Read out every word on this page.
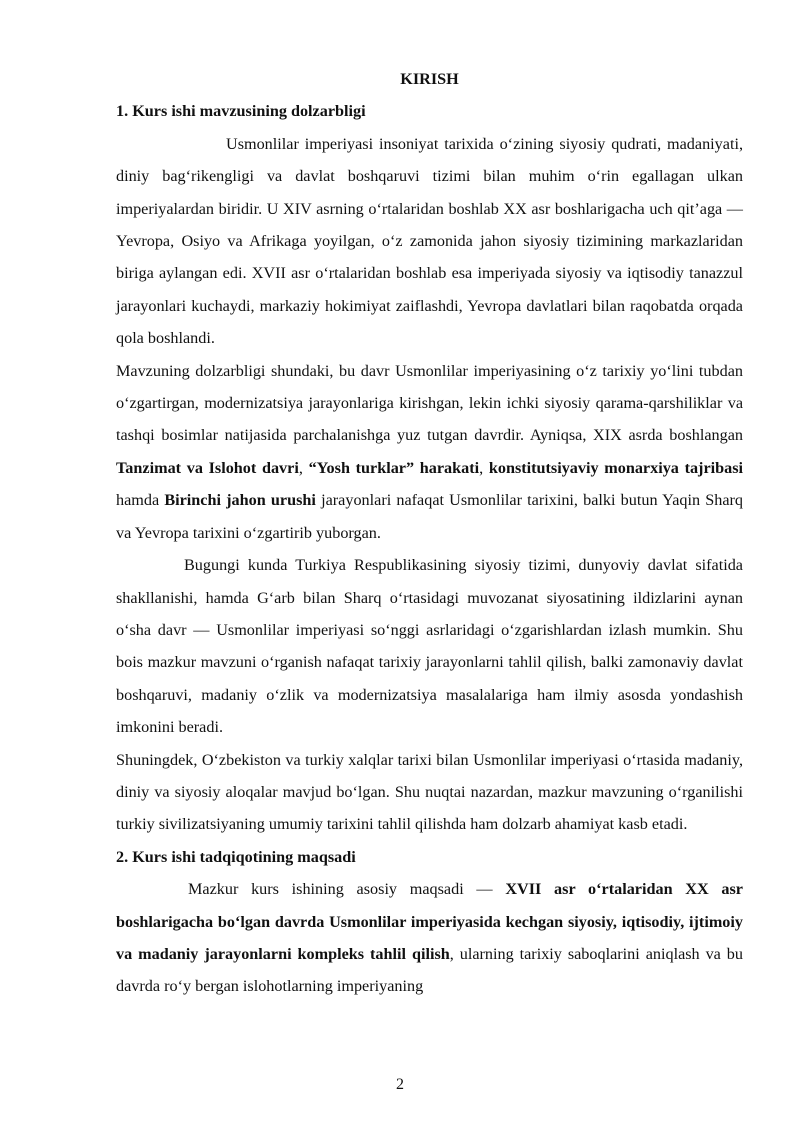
KIRISH

1. Kurs ishi mavzusining dolzarbligi

Usmonlilar imperiyasi insoniyat tarixida o‘zining siyosiy qudrati, madaniyati, diniy bag‘rikengligi va davlat boshqaruvi tizimi bilan muhim o‘rin egallagan ulkan imperiyalardan biridir. U XIV asrning o‘rtalaridan boshlab XX asr boshlarigacha uch qit’aga — Yevropa, Osiyo va Afrikaga yoyilgan, o‘z zamonida jahon siyosiy tizimining markazlaridan biriga aylangan edi. XVII asr o‘rtalaridan boshlab esa imperiyada siyosiy va iqtisodiy tanazzul jarayonlari kuchaydi, markaziy hokimiyat zaiflashdi, Yevropa davlatlari bilan raqobatda orqada qola boshlandi.

Mavzuning dolzarbligi shundaki, bu davr Usmonlilar imperiyasining o‘z tarixiy yo‘lini tubdan o‘zgartirgan, modernizatsiya jarayonlariga kirishgan, lekin ichki siyosiy qarama-qarshiliklar va tashqi bosimlar natijasida parchalanishga yuz tutgan davrdir. Ayniqsa, XIX asrda boshlangan Tanzimat va Islohot davri, “Yosh turklar” harakati, konstitutsiyaviy monarxiya tajribasi hamda Birinchi jahon urushi jarayonlari nafaqat Usmonlilar tarixini, balki butun Yaqin Sharq va Yevropa tarixini o‘zgartirib yuborgan.

Bugungi kunda Turkiya Respublikasining siyosiy tizimi, dunyoviy davlat sifatida shakllanishi, hamda G‘arb bilan Sharq o‘rtasidagi muvozanat siyosatining ildizlarini aynan o‘sha davr — Usmonlilar imperiyasi so‘nggi asrlaridagi o‘zgarishlardan izlash mumkin. Shu bois mazkur mavzuni o‘rganish nafaqat tarixiy jarayonlarni tahlil qilish, balki zamonaviy davlat boshqaruvi, madaniy o‘zlik va modernizatsiya masalalariga ham ilmiy asosda yondashish imkonini beradi.

Shuningdek, O‘zbekiston va turkiy xalqlar tarixi bilan Usmonlilar imperiyasi o‘rtasida madaniy, diniy va siyosiy aloqalar mavjud bo‘lgan. Shu nuqtai nazardan, mazkur mavzuning o‘rganilishi turkiy sivilizatsiyaning umumiy tarixini tahlil qilishda ham dolzarb ahamiyat kasb etadi.

2. Kurs ishi tadqiqotining maqsadi

Mazkur kurs ishining asosiy maqsadi — XVII asr o‘rtalaridan XX asr boshlarigacha bo‘lgan davrda Usmonlilar imperiyasida kechgan siyosiy, iqtisodiy, ijtimoiy va madaniy jarayonlarni kompleks tahlil qilish, ularning tarixiy saboqlarini aniqlash va bu davrda ro‘y bergan islohotlarning imperiyaning

2
